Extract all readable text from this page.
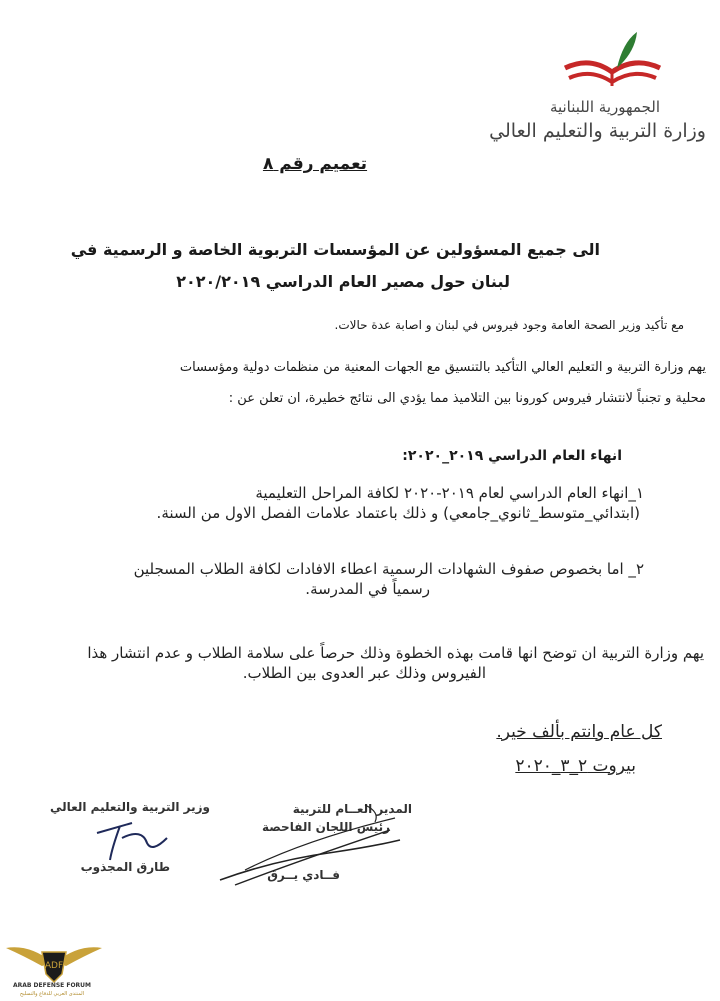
الجمهورية اللبنانية
وزارة التربية والتعليم العالي
تعميم رقم ٨
الى جميع المسؤولين عن المؤسسات التربوية الخاصة و الرسمية في
لبنان حول مصير العام الدراسي ٢٠٢٠/٢٠١٩
مع تأكيد وزير الصحة العامة وجود فيروس في لبنان و اصابة عدة حالات.
يهم وزارة التربية و التعليم العالي التأكيد بالتنسيق مع الجهات المعنية من منظمات دولية ومؤسسات
محلية و تجنباً لانتشار فيروس كورونا بين التلاميذ مما يؤدي الى نتائج خطيرة، ان تعلن عن :
انهاء العام الدراسي ٢٠١٩_٢٠٢٠:
١_انهاء العام الدراسي لعام ٢٠١٩-٢٠٢٠ لكافة المراحل التعليمية
(ابتدائي_متوسط_ثانوي_جامعي) و ذلك باعتماد علامات الفصل الاول من السنة.
٢_ اما بخصوص صفوف الشهادات الرسمية اعطاء الافادات لكافة الطلاب المسجلين
رسمياً في المدرسة.
يهم وزارة التربية ان توضح انها قامت بهذه الخطوة وذلك حرصاً على سلامة الطلاب و عدم انتشار هذا
الفيروس وذلك عبر العدوى بين الطلاب.
كل عام وانتم بألف خير.
بيروت ٢_٣_٢٠٢٠
وزير التربية والتعليم العالي
طارق المجذوب
المدير العــام للتربية
رئيس اللجان الفاحصة
فــادي يــرق
ADF
ARAB DEFENSE FORUM
المنتدى العربي للدفاع والتسليح
